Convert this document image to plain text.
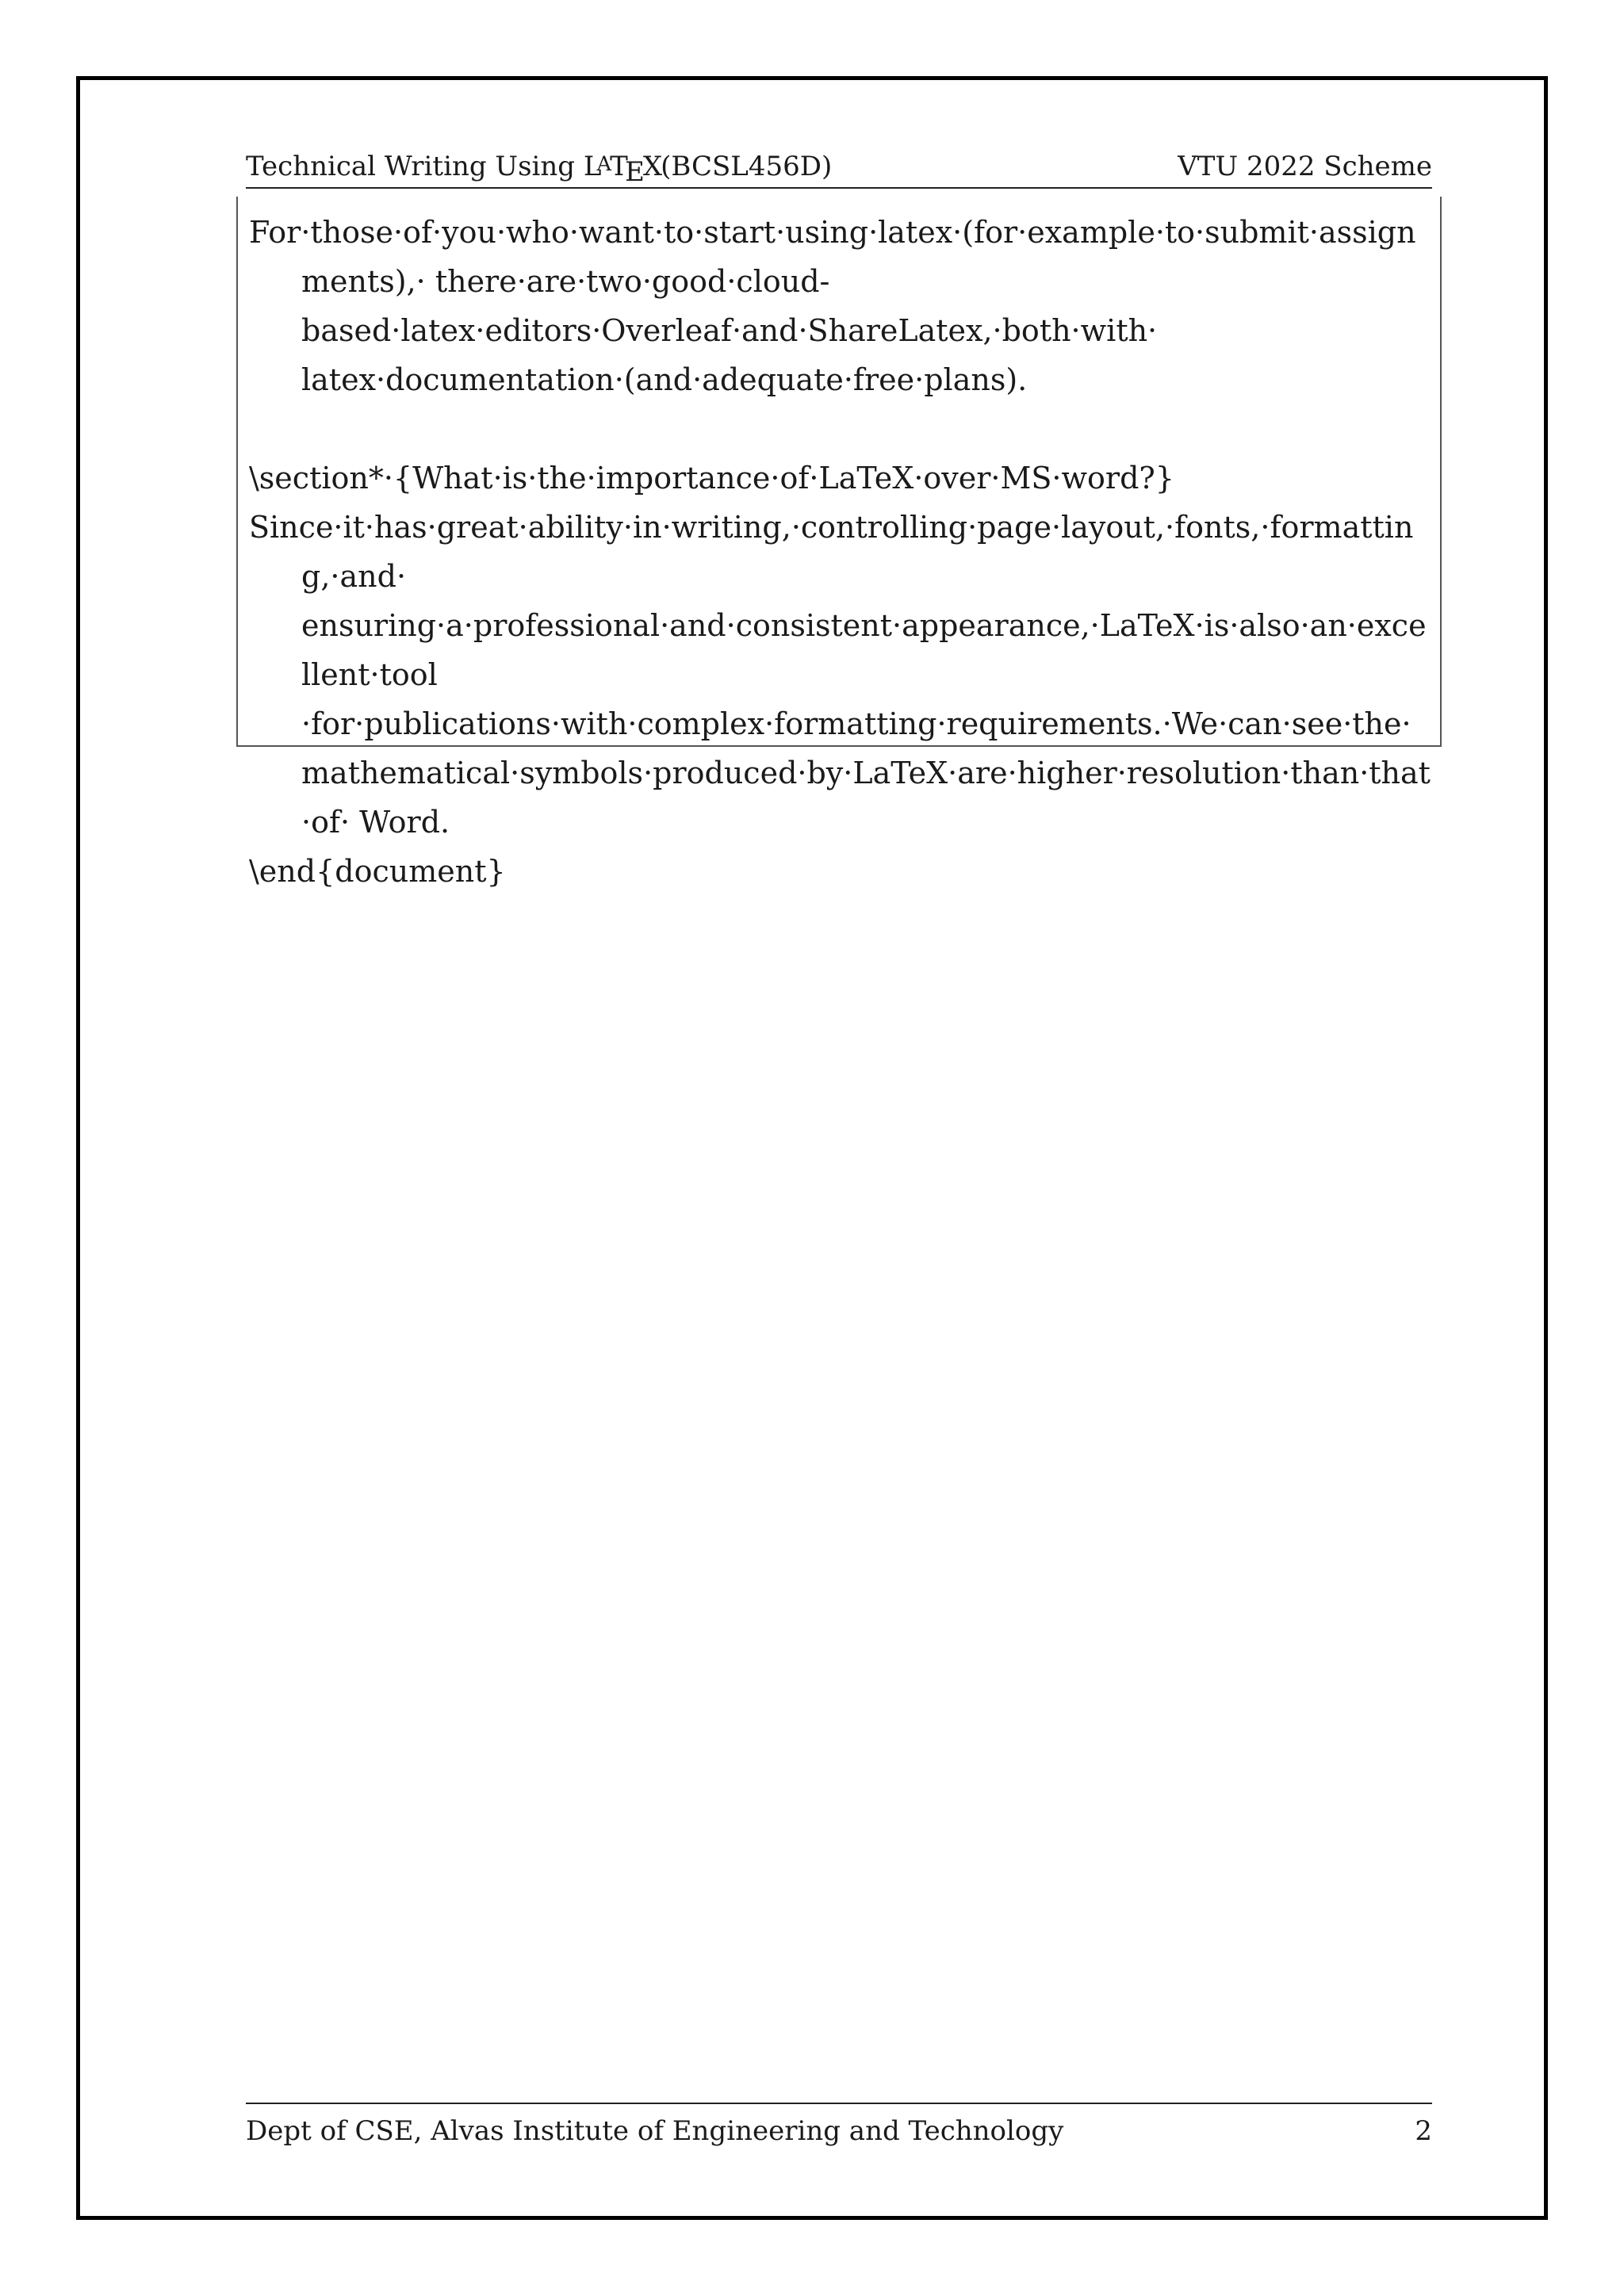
Technical Writing Using LATEX(BCSL456D)	VTU 2022 Scheme

For·those·of·you·who·want·to·start·using·latex·(for·example·to·submit·assignments),· there·are·two·good·cloud-based·latex·editors·Overleaf·and·ShareLatex,·both·with· latex·documentation·(and·adequate·free·plans).

\section*·{What·is·the·importance·of·LaTeX·over·MS·word?}

Since·it·has·great·ability·in·writing,·controlling·page·layout,·fonts,·formatting,·and· ensuring·a·professional·and·consistent·appearance,·LaTeX·is·also·an·excellent·tool ·for·publications·with·complex·formatting·requirements.·We·can·see·the· mathematical·symbols·produced·by·LaTeX·are·higher·resolution·than·that·of· Word.

\end{document}

Dept of CSE, Alvas Institute of Engineering and Technology	2
